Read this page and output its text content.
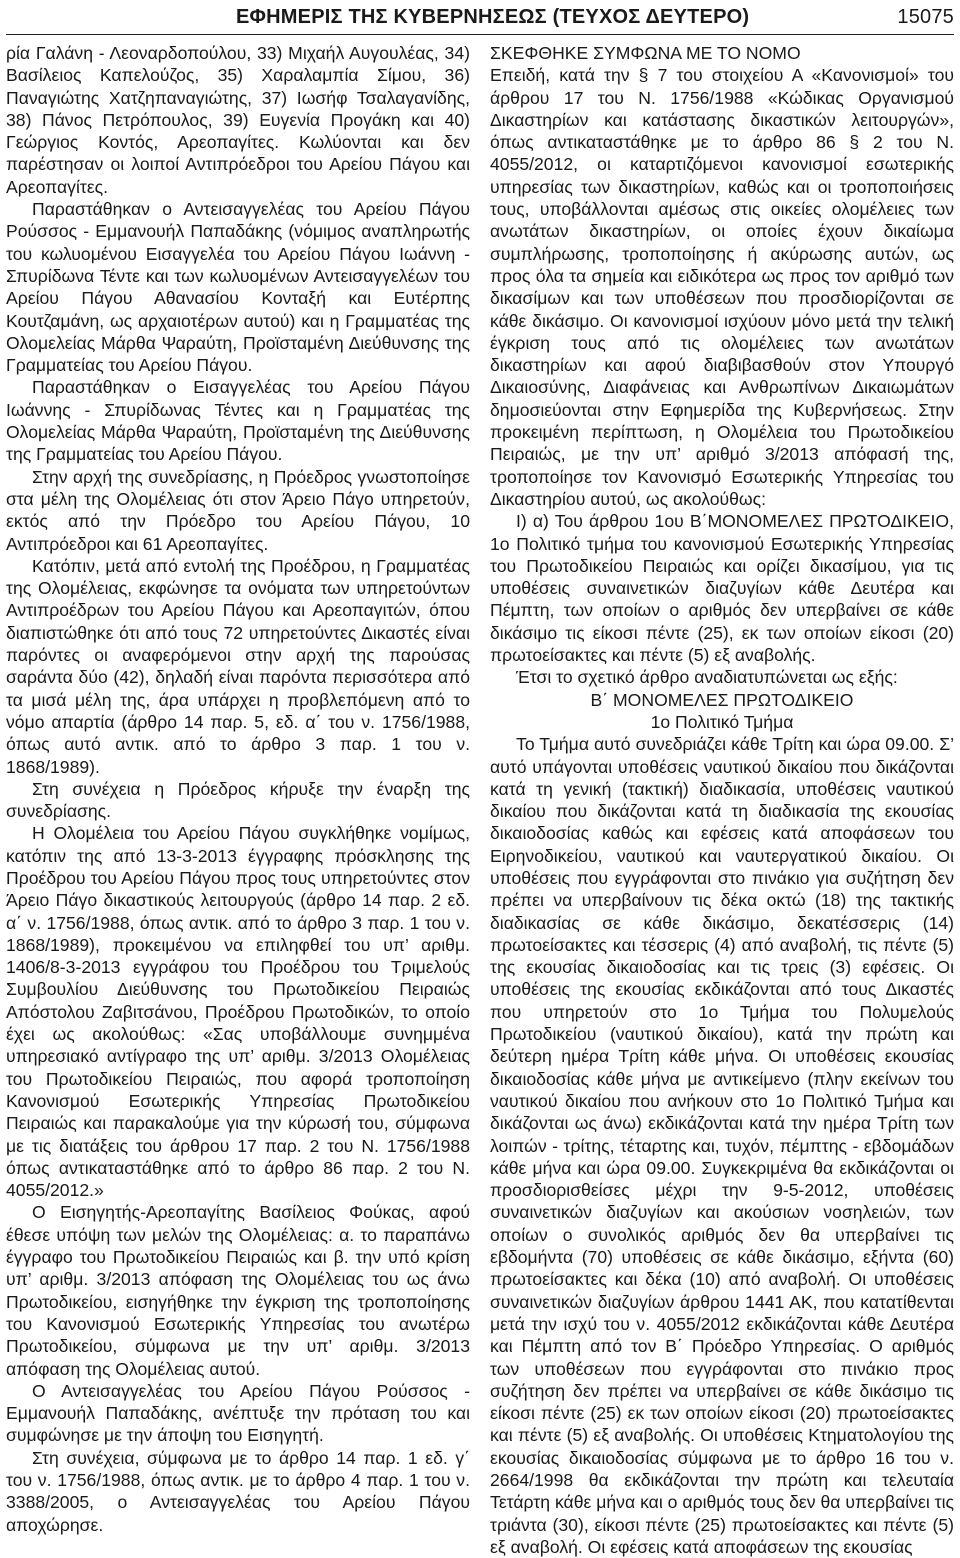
ΕΦΗΜΕΡΙΣ ΤΗΣ ΚΥΒΕΡΝΗΣΕΩΣ (ΤΕΥΧΟΣ ΔΕΥΤΕΡΟ)	15075

ρία Γαλάνη - Λεοναρδοπούλου, 33) Μιχαήλ Αυγουλέας, 34) Βασίλειος Καπελούζος, 35) Χαραλαμπία Σίμου, 36) Παναγιώτης Χατζηπαναγιώτης, 37) Ιωσήφ Τσαλαγανίδης, 38) Πάνος Πετρόπουλος, 39) Ευγενία Προγάκη και 40) Γεώργιος Κοντός, Αρεοπαγίτες. Κωλύονται και δεν παρέστησαν οι λοιποί Αντιπρόεδροι του Αρείου Πάγου και Αρεοπαγίτες.

Παραστάθηκαν ο Αντεισαγγελέας του Αρείου Πάγου Ρούσσος - Εμμανουήλ Παπαδάκης (νόμιμος αναπληρωτής του κωλυομένου Εισαγγελέα του Αρείου Πάγου Ιωάννη - Σπυρίδωνα Τέντε και των κωλυομένων Αντεισαγγελέων του Αρείου Πάγου Αθανασίου Κονταξή και Ευτέρπης Κουτζαμάνη, ως αρχαιοτέρων αυτού) και η Γραμματέας της Ολομελείας Μάρθα Ψαραύτη, Προϊσταμένη Διεύθυνσης της Γραμματείας του Αρείου Πάγου.

Παραστάθηκαν ο Εισαγγελέας του Αρείου Πάγου Ιωάννης - Σπυρίδωνας Τέντες και η Γραμματέας της Ολομελείας Μάρθα Ψαραύτη, Προϊσταμένη της Διεύθυνσης της Γραμματείας του Αρείου Πάγου.

Στην αρχή της συνεδρίασης, η Πρόεδρος γνωστοποίησε στα μέλη της Ολομέλειας ότι στον Άρειο Πάγο υπηρετούν, εκτός από την Πρόεδρο του Αρείου Πάγου, 10 Αντιπρόεδροι και 61 Αρεοπαγίτες.

Κατόπιν, μετά από εντολή της Προέδρου, η Γραμματέας της Ολομέλειας, εκφώνησε τα ονόματα των υπηρετούντων Αντιπροέδρων του Αρείου Πάγου και Αρεοπαγιτών, όπου διαπιστώθηκε ότι από τους 72 υπηρετούντες Δικαστές είναι παρόντες οι αναφερόμενοι στην αρχή της παρούσας σαράντα δύο (42), δηλαδή είναι παρόντα περισσότερα από τα μισά μέλη της, άρα υπάρχει η προβλεπόμενη από το νόμο απαρτία (άρθρο 14 παρ. 5, εδ. α΄ του ν. 1756/1988, όπως αυτό αντικ. από το άρθρο 3 παρ. 1 του ν. 1868/1989).

Στη συνέχεια η Πρόεδρος κήρυξε την έναρξη της συνεδρίασης.

Η Ολομέλεια του Αρείου Πάγου συγκλήθηκε νομίμως, κατόπιν της από 13-3-2013 έγγραφης πρόσκλησης της Προέδρου του Αρείου Πάγου προς τους υπηρετούντες στον Άρειο Πάγο δικαστικούς λειτουργούς (άρθρο 14 παρ. 2 εδ. α΄ ν. 1756/1988, όπως αντικ. από το άρθρο 3 παρ. 1 του ν. 1868/1989), προκειμένου να επιληφθεί του υπ’ αριθμ. 1406/8-3-2013 εγγράφου του Προέδρου του Τριμελούς Συμβουλίου Διεύθυνσης του Πρωτοδικείου Πειραιώς Απόστολου Ζαβιτσάνου, Προέδρου Πρωτοδικών, το οποίο έχει ως ακολούθως: «Σας υποβάλλουμε συνημμένα υπηρεσιακό αντίγραφο της υπ’ αριθμ. 3/2013 Ολομέλειας του Πρωτοδικείου Πειραιώς, που αφορά τροποποίηση Κανονισμού Εσωτερικής Υπηρεσίας Πρωτοδικείου Πειραιώς και παρακαλούμε για την κύρωσή του, σύμφωνα με τις διατάξεις του άρθρου 17 παρ. 2 του Ν. 1756/1988 όπως αντικαταστάθηκε από το άρθρο 86 παρ. 2 του Ν. 4055/2012.»

Ο Εισηγητής-Αρεοπαγίτης Βασίλειος Φούκας, αφού έθεσε υπόψη των μελών της Ολομέλειας: α. το παραπάνω έγγραφο του Πρωτοδικείου Πειραιώς και β. την υπό κρίση υπ’ αριθμ. 3/2013 απόφαση της Ολομέλειας του ως άνω Πρωτοδικείου, εισηγήθηκε την έγκριση της τροποποίησης του Κανονισμού Εσωτερικής Υπηρεσίας του ανωτέρω Πρωτοδικείου, σύμφωνα με την υπ’ αριθμ. 3/2013 απόφαση της Ολομέλειας αυτού.

Ο Αντεισαγγελέας του Αρείου Πάγου Ρούσσος - Εμμανουήλ Παπαδάκης, ανέπτυξε την πρόταση του και συμφώνησε με την άποψη του Εισηγητή.

Στη συνέχεια, σύμφωνα με το άρθρο 14 παρ. 1 εδ. γ΄ του ν. 1756/1988, όπως αντικ. με το άρθρο 4 παρ. 1 του ν. 3388/2005, ο Αντεισαγγελέας του Αρείου Πάγου αποχώρησε.

ΣΚΕΦΘΗΚΕ ΣΥΜΦΩΝΑ ΜΕ ΤΟ ΝΟΜΟ

Επειδή, κατά την § 7 του στοιχείου Α «Κανονισμοί» του άρθρου 17 του Ν. 1756/1988 «Κώδικας Οργανισμού Δικαστηρίων και κατάστασης δικαστικών λειτουργών», όπως αντικαταστάθηκε με το άρθρο 86 § 2 του Ν. 4055/2012, οι καταρτιζόμενοι κανονισμοί εσωτερικής υπηρεσίας των δικαστηρίων, καθώς και οι τροποποιήσεις τους, υποβάλλονται αμέσως στις οικείες ολομέλειες των ανωτάτων δικαστηρίων, οι οποίες έχουν δικαίωμα συμπλήρωσης, τροποποίησης ή ακύρωσης αυτών, ως προς όλα τα σημεία και ειδικότερα ως προς τον αριθμό των δικασίμων και των υποθέσεων που προσδιορίζονται σε κάθε δικάσιμο. Οι κανονισμοί ισχύουν μόνο μετά την τελική έγκριση τους από τις ολομέλειες των ανωτάτων δικαστηρίων και αφού διαβιβασθούν στον Υπουργό Δικαιοσύνης, Διαφάνειας και Ανθρωπίνων Δικαιωμάτων δημοσιεύονται στην Εφημερίδα της Κυβερνήσεως. Στην προκειμένη περίπτωση, η Ολομέλεια του Πρωτοδικείου Πειραιώς, με την υπ’ αριθμό 3/2013 απόφασή της, τροποποίησε τον Κανονισμό Εσωτερικής Υπηρεσίας του Δικαστηρίου αυτού, ως ακολούθως:

Ι) α) Του άρθρου 1ου Β΄ΜΟΝΟΜΕΛΕΣ ΠΡΩΤΟΔΙΚΕΙΟ, 1ο Πολιτικό τμήμα του κανονισμού Εσωτερικής Υπηρεσίας του Πρωτοδικείου Πειραιώς και ορίζει δικασίμου, για τις υποθέσεις συναινετικών διαζυγίων κάθε Δευτέρα και Πέμπτη, των οποίων ο αριθμός δεν υπερβαίνει σε κάθε δικάσιμο τις είκοσι πέντε (25), εκ των οποίων είκοσι (20) πρωτοείσακτες και πέντε (5) εξ αναβολής.

Έτσι το σχετικό άρθρο αναδιατυπώνεται ως εξής:

Β΄ ΜΟΝΟΜΕΛΕΣ ΠΡΩΤΟΔΙΚΕΙΟ

1ο Πολιτικό Τμήμα

Το Τμήμα αυτό συνεδριάζει κάθε Τρίτη και ώρα 09.00. Σ’ αυτό υπάγονται υποθέσεις ναυτικού δικαίου που δικάζονται κατά τη γενική (τακτική) διαδικασία, υποθέσεις ναυτικού δικαίου που δικάζονται κατά τη διαδικασία της εκουσίας δικαιοδοσίας καθώς και εφέσεις κατά αποφάσεων του Ειρηνοδικείου, ναυτικού και ναυτεργατικού δικαίου. Οι υποθέσεις που εγγράφονται στο πινάκιο για συζήτηση δεν πρέπει να υπερβαίνουν τις δέκα οκτώ (18) της τακτικής διαδικασίας σε κάθε δικάσιμο, δεκατέσσερις (14) πρωτοείσακτες και τέσσερις (4) από αναβολή, τις πέντε (5) της εκουσίας δικαιοδοσίας και τις τρεις (3) εφέσεις. Οι υποθέσεις της εκουσίας εκδικάζονται από τους Δικαστές που υπηρετούν στο 1ο Τμήμα του Πολυμελούς Πρωτοδικείου (ναυτικού δικαίου), κατά την πρώτη και δεύτερη ημέρα Τρίτη κάθε μήνα. Οι υποθέσεις εκουσίας δικαιοδοσίας κάθε μήνα με αντικείμενο (πλην εκείνων του ναυτικού δικαίου που ανήκουν στο 1ο Πολιτικό Τμήμα και δικάζονται ως άνω) εκδικάζονται κατά την ημέρα Τρίτη των λοιπών - τρίτης, τέταρτης και, τυχόν, πέμπτης - εβδομάδων κάθε μήνα και ώρα 09.00. Συγκεκριμένα θα εκδικάζονται οι προσδιορισθείσες μέχρι την 9-5-2012, υποθέσεις συναινετικών διαζυγίων και ακούσιων νοσηλειών, των οποίων ο συνολικός αριθμός δεν θα υπερβαίνει τις εβδομήντα (70) υποθέσεις σε κάθε δικάσιμο, εξήντα (60) πρωτοείσακτες και δέκα (10) από αναβολή. Οι υποθέσεις συναινετικών διαζυγίων άρθρου 1441 ΑΚ, που κατατίθενται μετά την ισχύ του ν. 4055/2012 εκδικάζονται κάθε Δευτέρα και Πέμπτη από τον Β΄ Πρόεδρο Υπηρεσίας. Ο αριθμός των υποθέσεων που εγγράφονται στο πινάκιο προς συζήτηση δεν πρέπει να υπερβαίνει σε κάθε δικάσιμο τις είκοσι πέντε (25) εκ των οποίων είκοσι (20) πρωτοείσακτες και πέντε (5) εξ αναβολής. Οι υποθέσεις Κτηματολογίου της εκουσίας δικαιοδοσίας σύμφωνα με το άρθρο 16 του ν. 2664/1998 θα εκδικάζονται την πρώτη και τελευταία Τετάρτη κάθε μήνα και ο αριθμός τους δεν θα υπερβαίνει τις τριάντα (30), είκοσι πέντε (25) πρωτοείσακτες και πέντε (5) εξ αναβολή. Οι εφέσεις κατά αποφάσεων της εκουσίας
